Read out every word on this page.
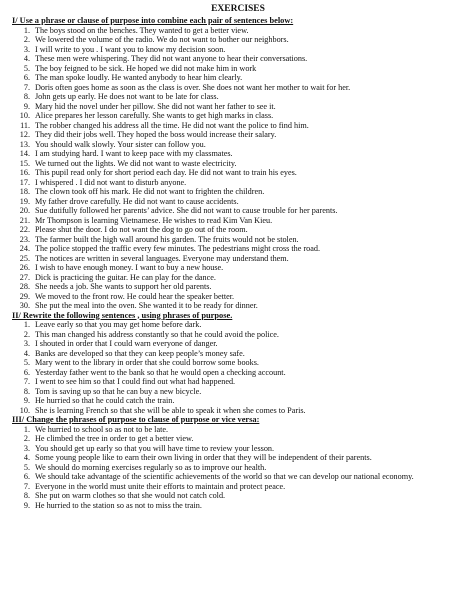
EXERCISES
I/ Use a phrase or clause of purpose into combine each pair of sentences below:
1. The boys stood on the benches. They wanted to get a better view.
2. We lowered the volume of the radio. We do not want to bother our neighbors.
3. I will write to you . I want you to know my decision soon.
4. These men were whispering. They did not want anyone to hear their conversations.
5. The boy feigned to be sick. He hoped we did not make him in work
6. The man spoke loudly. He wanted anybody to hear him clearly.
7. Doris often goes home as soon as the class is over. She does not want her mother to wait for her.
8. John gets up early. He does not want to be late for class.
9. Mary hid the novel under her pillow. She did not want her father to see it.
10. Alice prepares her lesson carefully. She wants to get high marks in class.
11. The robber changed his address all the time. He did not want the police to find him.
12. They did their jobs well. They hoped the boss would increase their salary.
13. You should walk slowly. Your sister can follow you.
14. I am studying hard. I want to keep pace with my classmates.
15. We turned out the lights. We did not want to waste electricity.
16. This pupil read only for short period each day. He did not want to train his eyes.
17. I whispered . I did not want to disturb anyone.
18. The clown took off his mark. He did not want to frighten the children.
19. My father drove carefully. He did not want to cause accidents.
20. Sue dutifully followed her parents’ advice. She did not want to cause trouble for her parents.
21. Mr Thompson is learning Vietnamese. He wishes to read Kim Van Kieu.
22. Please shut the door. I do not want the dog to go out of the room.
23. The farmer built the high wall around his garden. The fruits would not be stolen.
24. The police stopped the traffic every few minutes. The pedestrians might cross the road.
25. The notices are written in several languages. Everyone may understand them.
26. I wish to have enough money. I want to buy a new house.
27. Dick is practicing the guitar. He can play for the dance.
28. She needs a job. She wants to support her old parents.
29. We moved to the front row. He could hear the speaker better.
30. She put the meal into the oven. She wanted it to be ready for dinner.
II/ Rewrite the following sentences , using phrases of purpose.
1. Leave early so that you may get home before dark.
2. This man changed his address constantly so that he could avoid the police.
3. I shouted in order that I could warn everyone of danger.
4. Banks are developed so that they can keep people’s money safe.
5. Mary went to the library in order that she could borrow some books.
6. Yesterday father went to the bank so that he would open a checking account.
7. I went to see him so that I could find out what had happened.
8. Tom is saving up so that he can buy a new bicycle.
9. He hurried so that he could catch the train.
10. She is learning French so that she will be able to speak it when she comes to Paris.
III/ Change the phrases of purpose to clause of purpose or vice versa:
1. We hurried to school so as not to be late.
2. He climbed the tree in order to get a better view.
3. You should get up early so that you will have time to review your lesson.
4. Some young people like to earn their own living in order that they will be independent of their parents.
5. We should do morning exercises regularly so as to improve our health.
6. We should take advantage of the scientific achievements of the world so that we can develop our national economy.
7. Everyone in the world must unite their efforts to maintain and protect peace.
8. She put on warm clothes so that she would not catch cold.
9. He hurried to the station so as not to miss the train.
